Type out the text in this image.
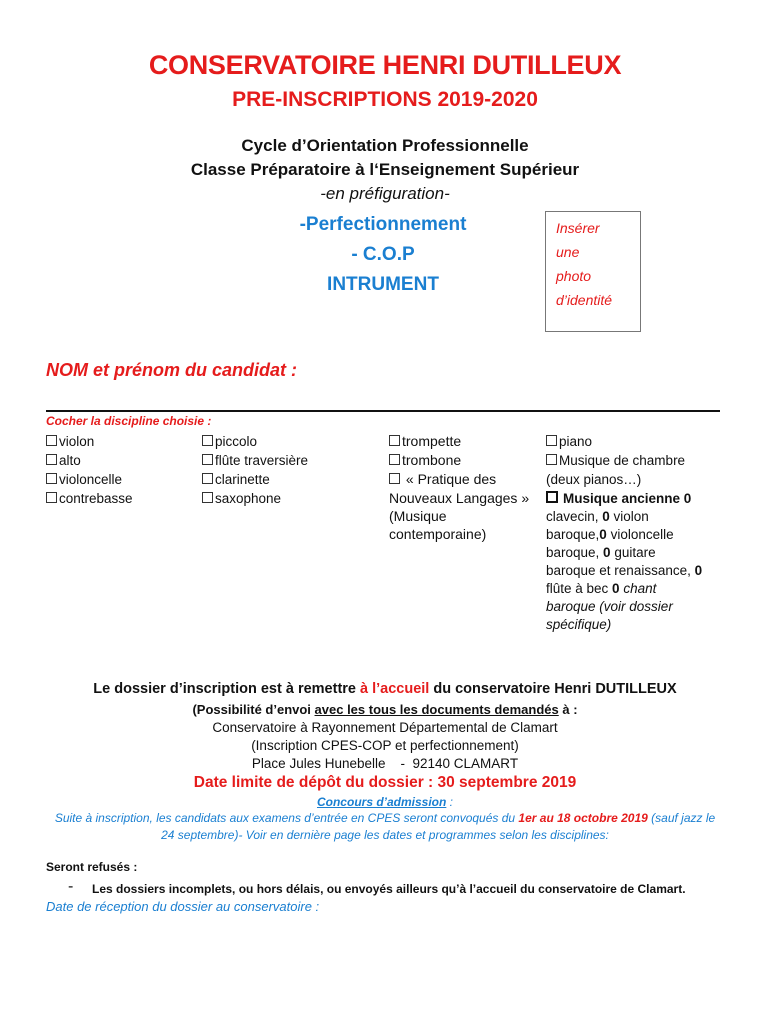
CONSERVATOIRE HENRI DUTILLEUX
PRE-INSCRIPTIONS 2019-2020
Cycle d’Orientation Professionnelle
Classe Préparatoire à l‘Enseignement Supérieur
-en préfiguration-
-Perfectionnement
- C.O.P
INTRUMENT
Insérer
une
photo
d’identité
NOM et prénom du candidat :
Cocher la discipline choisie :
violon
alto
violoncelle
contrebasse
piccolo
flûte traversière
clarinette
saxophone
trompette
trombone
« Pratique des
Nouveaux Langages »
(Musique
contemporaine)
piano
Musique de chambre
(deux pianos…)
Musique ancienne 0
clavecin, 0 violon
baroque,0 violoncelle
baroque, 0 guitare
baroque et renaissance, 0
flûte à bec 0 chant
baroque (voir dossier
spécifique)
Le dossier d’inscription est à remettre à l’accueil du conservatoire Henri DUTILLEUX
(Possibilité d’envoi avec les tous les documents demandés à :
Conservatoire à Rayonnement Départemental de Clamart
(Inscription CPES-COP et perfectionnement)
Place Jules Hunebelle    -  92140 CLAMART
Date limite de dépôt du dossier : 30 septembre 2019
Concours d’admission :
Suite à inscription, les candidats aux examens d’entrée en CPES seront convoqués du 1er au 18 octobre 2019 (sauf jazz le 24 septembre)- Voir en dernière page les dates et programmes selon les disciplines:
Seront refusés :
- Les dossiers incomplets, ou hors délais, ou envoyés ailleurs qu’à l’accueil du conservatoire de Clamart.
Date de réception du dossier au conservatoire :
